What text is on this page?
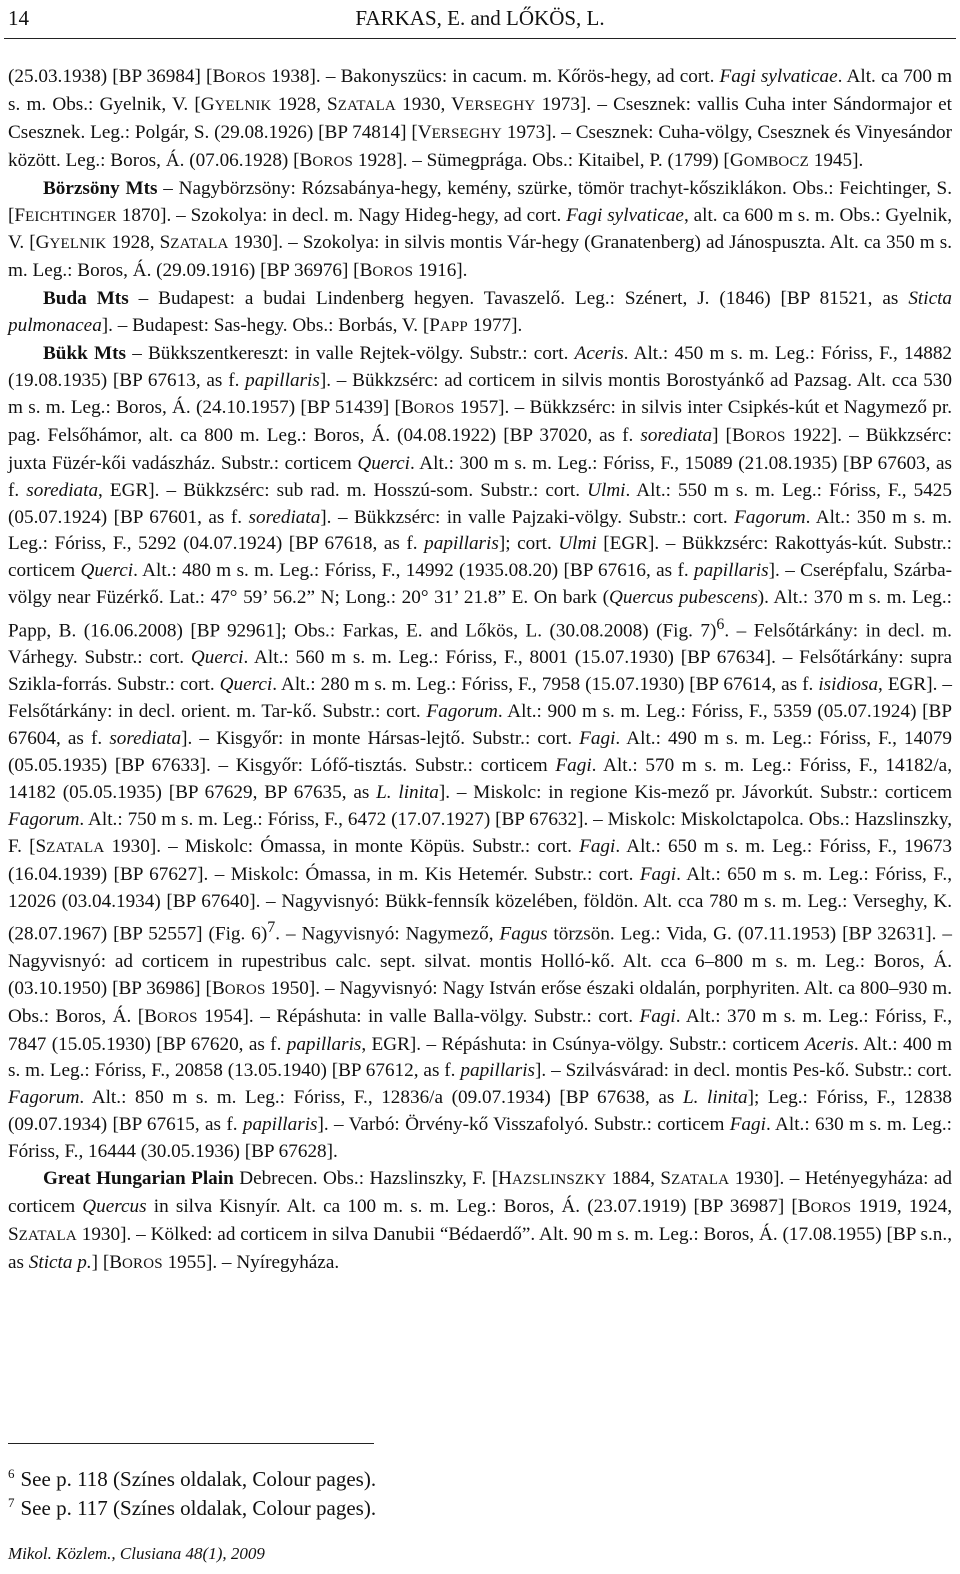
14	FARKAS, E. and LŐKÖS, L.

(25.03.1938) [BP 36984] [BOROS 1938]. – Bakonyszücs: in cacum. m. Kőrös-hegy, ad cort. Fagi sylvaticae. Alt. ca 700 m s. m. Obs.: Gyelnik, V. [GYELNIK 1928, SZATALA 1930, VERSEGHY 1973]. – Csesznek: vallis Cuha inter Sándormajor et Csesznek. Leg.: Polgár, S. (29.08.1926) [BP 74814] [VERSEGHY 1973]. – Csesznek: Cuha-völgy, Csesznek és Vinyesándor között. Leg.: Boros, Á. (07.06.1928) [BOROS 1928]. – Sümegprága. Obs.: Kitaibel, P. (1799) [GOMBOCZ 1945].

Börzsöny Mts – Nagybörzsöny: Rózsabánya-hegy, kemény, szürke, tömör trachyt-kősziklákon. Obs.: Feichtinger, S. [FEICHTINGER 1870]. – Szokolya: in decl. m. Nagy Hideg-hegy, ad cort. Fagi sylvaticae, alt. ca 600 m s. m. Obs.: Gyelnik, V. [GYELNIK 1928, SZATALA 1930]. – Szokolya: in silvis montis Vár-hegy (Granatenberg) ad Jánospuszta. Alt. ca 350 m s. m. Leg.: Boros, Á. (29.09.1916) [BP 36976] [BOROS 1916].

Buda Mts – Budapest: a budai Lindenberg hegyen. Tavaszelő. Leg.: Szénert, J. (1846) [BP 81521, as Sticta pulmonacea]. – Budapest: Sas-hegy. Obs.: Borbás, V. [PAPP 1977].

Bükk Mts – Bükkszentkereszt: in valle Rejtek-völgy. Substr.: cort. Aceris. Alt.: 450 m s. m. Leg.: Fóriss, F., 14882 (19.08.1935) [BP 67613, as f. papillaris]. – Bükkzsérc: ad corticem in silvis montis Borostyánkő ad Pazsag. Alt. cca 530 m s. m. Leg.: Boros, Á. (24.10.1957) [BP 51439] [BOROS 1957]. – Bükkzsérc: in silvis inter Csipkés-kút et Nagymező pr. pag. Felsőhámor, alt. ca 800 m. Leg.: Boros, Á. (04.08.1922) [BP 37020, as f. sorediata] [BOROS 1922]. – Bükkzsérc: juxta Füzér-kői vadászház. Substr.: corticem Querci. Alt.: 300 m s. m. Leg.: Fóriss, F., 15089 (21.08.1935) [BP 67603, as f. sorediata, EGR]. – Bükkzsérc: sub rad. m. Hosszú-som. Substr.: cort. Ulmi. Alt.: 550 m s. m. Leg.: Fóriss, F., 5425 (05.07.1924) [BP 67601, as f. sorediata]. – Bükkzsérc: in valle Pajzaki-völgy. Substr.: cort. Fagorum. Alt.: 350 m s. m. Leg.: Fóriss, F., 5292 (04.07.1924) [BP 67618, as f. papillaris]; cort. Ulmi [EGR]. – Bükkzsérc: Rakottyás-kút. Substr.: corticem Querci. Alt.: 480 m s. m. Leg.: Fóriss, F., 14992 (1935.08.20) [BP 67616, as f. papillaris]. – Cserépfalu, Szárba-völgy near Füzérkő. Lat.: 47° 59’ 56.2” N; Long.: 20° 31’ 21.8” E. On bark (Quercus pubescens). Alt.: 370 m s. m. Leg.: Papp, B. (16.06.2008) [BP 92961]; Obs.: Farkas, E. and Lőkös, L. (30.08.2008) (Fig. 7)$^6$. – Felsőtárkány: in decl. m. Várhegy. Substr.: cort. Querci. Alt.: 560 m s. m. Leg.: Fóriss, F., 8001 (15.07.1930) [BP 67634]. – Felsőtárkány: supra Szikla-forrás. Substr.: cort. Querci. Alt.: 280 m s. m. Leg.: Fóriss, F., 7958 (15.07.1930) [BP 67614, as f. isidiosa, EGR]. – Felsőtárkány: in decl. orient. m. Tar-kő. Substr.: cort. Fagorum. Alt.: 900 m s. m. Leg.: Fóriss, F., 5359 (05.07.1924) [BP 67604, as f. sorediata]. – Kisgyőr: in monte Hársas-lejtő. Substr.: cort. Fagi. Alt.: 490 m s. m. Leg.: Fóriss, F., 14079 (05.05.1935) [BP 67633]. – Kisgyőr: Lófő-tisztás. Substr.: corticem Fagi. Alt.: 570 m s. m. Leg.: Fóriss, F., 14182/a, 14182 (05.05.1935) [BP 67629, BP 67635, as L. linita]. – Miskolc: in regione Kis-mező pr. Jávorkút. Substr.: corticem Fagorum. Alt.: 750 m s. m. Leg.: Fóriss, F., 6472 (17.07.1927) [BP 67632]. – Miskolc: Miskolctapolca. Obs.: Hazslinszky, F. [SZATALA 1930]. – Miskolc: Ómassa, in monte Köpüs. Substr.: cort. Fagi. Alt.: 650 m s. m. Leg.: Fóriss, F., 19673 (16.04.1939) [BP 67627]. – Miskolc: Ómassa, in m. Kis Hetemér. Substr.: cort. Fagi. Alt.: 650 m s. m. Leg.: Fóriss, F., 12026 (03.04.1934) [BP 67640]. – Nagyvisnyó: Bükk-fennsík közelében, földön. Alt. cca 780 m s. m. Leg.: Verseghy, K. (28.07.1967) [BP 52557] (Fig. 6)$^7$. – Nagyvisnyó: Nagymező, Fagus törzsön. Leg.: Vida, G. (07.11.1953) [BP 32631]. – Nagyvisnyó: ad corticem in rupestribus calc. sept. silvat. montis Holló-kő. Alt. cca 6–800 m s. m. Leg.: Boros, Á. (03.10.1950) [BP 36986] [BOROS 1950]. – Nagyvisnyó: Nagy István erőse északi oldalán, porphyriten. Alt. ca 800–930 m. Obs.: Boros, Á. [BOROS 1954]. – Répáshuta: in valle Balla-völgy. Substr.: cort. Fagi. Alt.: 370 m s. m. Leg.: Fóriss, F., 7847 (15.05.1930) [BP 67620, as f. papillaris, EGR]. – Répáshuta: in Csúnya-völgy. Substr.: corticem Aceris. Alt.: 400 m s. m. Leg.: Fóriss, F., 20858 (13.05.1940) [BP 67612, as f. papillaris]. – Szilvásvárad: in decl. montis Pes-kő. Substr.: cort. Fagorum. Alt.: 850 m s. m. Leg.: Fóriss, F., 12836/a (09.07.1934) [BP 67638, as L. linita]; Leg.: Fóriss, F., 12838 (09.07.1934) [BP 67615, as f. papillaris]. – Varbó: Örvény-kő Visszafolyó. Substr.: corticem Fagi. Alt.: 630 m s. m. Leg.: Fóriss, F., 16444 (30.05.1936) [BP 67628].

Great Hungarian Plain Debrecen. Obs.: Hazslinszky, F. [HAZSLINSZKY 1884, SZATALA 1930]. – Hetényegyháza: ad corticem Quercus in silva Kisnyír. Alt. ca 100 m. s. m. Leg.: Boros, Á. (23.07.1919) [BP 36987] [BOROS 1919, 1924, SZATALA 1930]. – Kölked: ad corticem in silva Danubii “Bédaerdő”. Alt. 90 m s. m. Leg.: Boros, Á. (17.08.1955) [BP s.n., as Sticta p.] [BOROS 1955]. – Nyíregyháza.

$^6$ See p. 118 (Színes oldalak, Colour pages).
$^7$ See p. 117 (Színes oldalak, Colour pages).
Mikol. Közlem., Clusiana 48(1), 2009
